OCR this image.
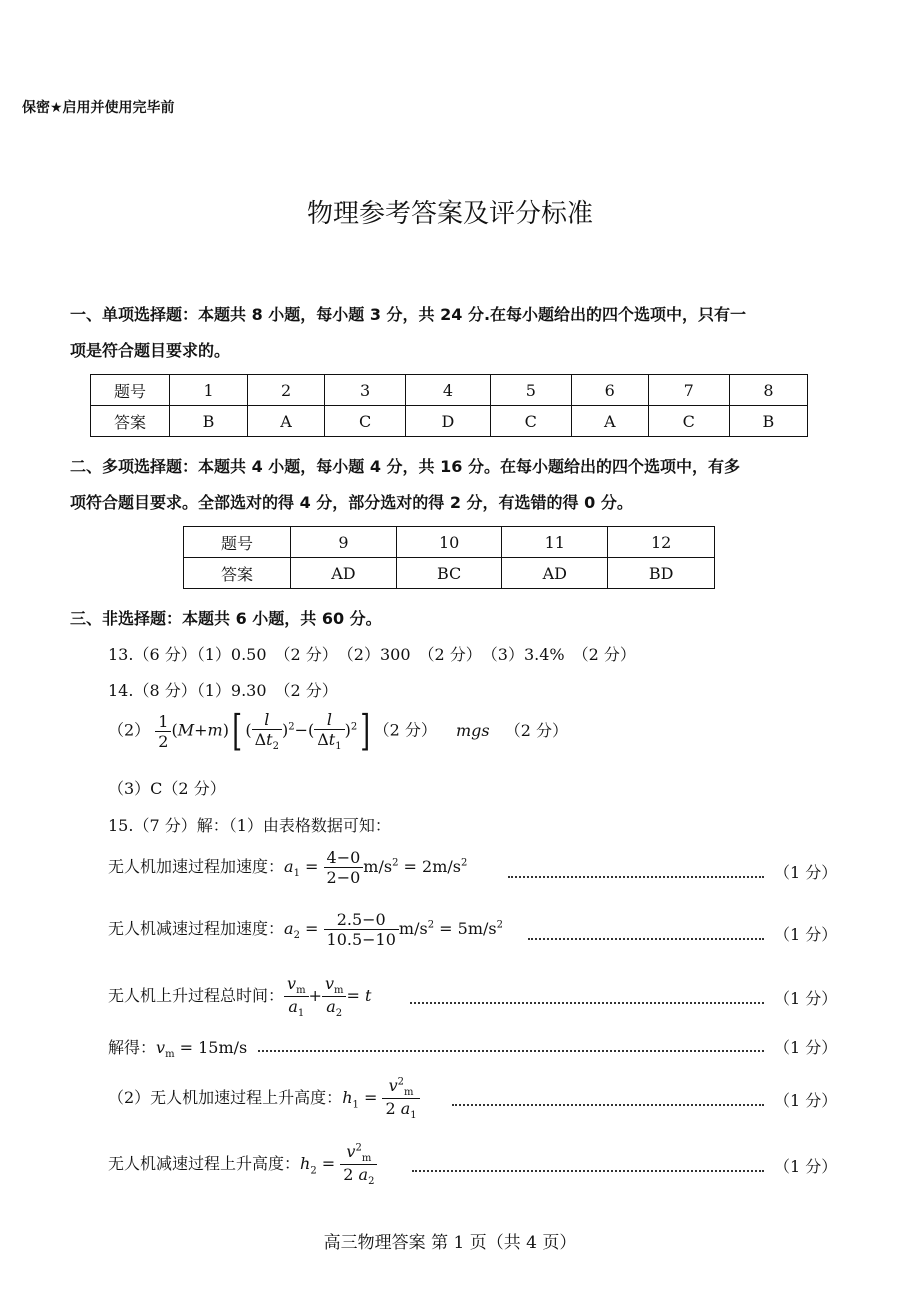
保密★启用并使用完毕前
物理参考答案及评分标准
一、单项选择题：本题共 8 小题，每小题 3 分，共 24 分.在每小题给出的四个选项中，只有一
项是符合题目要求的。
题号	1	2	3	4	5	6	7	8
答案	B	A	C	D	C	A	C	B
二、多项选择题：本题共 4 小题，每小题 4 分，共 16 分。在每小题给出的四个选项中，有多
项符合题目要求。全部选对的得 4 分，部分选对的得 2 分，有选错的得 0 分。
题号	9	10	11	12
答案	AD	BC	AD	BD
三、非选择题：本题共 6 小题，共 60 分。
13.（6 分）（1）0.50　（2 分）　（2）300　（2 分）　（3）3.4%　（2 分）
14.（8 分）（1）9.30　（2 分）
$(2) \frac{1}{2} (M+m)$[ ( $\frac{l}{\Delta t_2} )^2-( \frac{l}{\Delta t_1} )^2$] （2 分） mgs （2 分）
（3）C（2 分）
15.（7 分）解：（1）由表格数据可知：
无人机加速过程加速度：$a_1 = \frac{4-0}{2-0} m/s^2 = 2m/s^2$	（1 分）
无人机减速过程加速度：$a_2 = \frac{2.5-0}{10.5-10} m/s^2 = 5m/s^2$	（1 分）
无人机上升过程总时间： $\frac{v_m}{a_1} + \frac{v_m}{a_2} = t$	（1 分）
解得：$v_m = 15m/s$	（1 分）
（2）无人机加速过程上升高度：$h_1 = \frac{v^2_m}{2 a_1}$	（1 分）
无人机减速过程上升高度：$h_2 = \frac{v^2_m}{2 a_2}$	（1 分）
高三物理答案 第 1 页（共 4 页）
